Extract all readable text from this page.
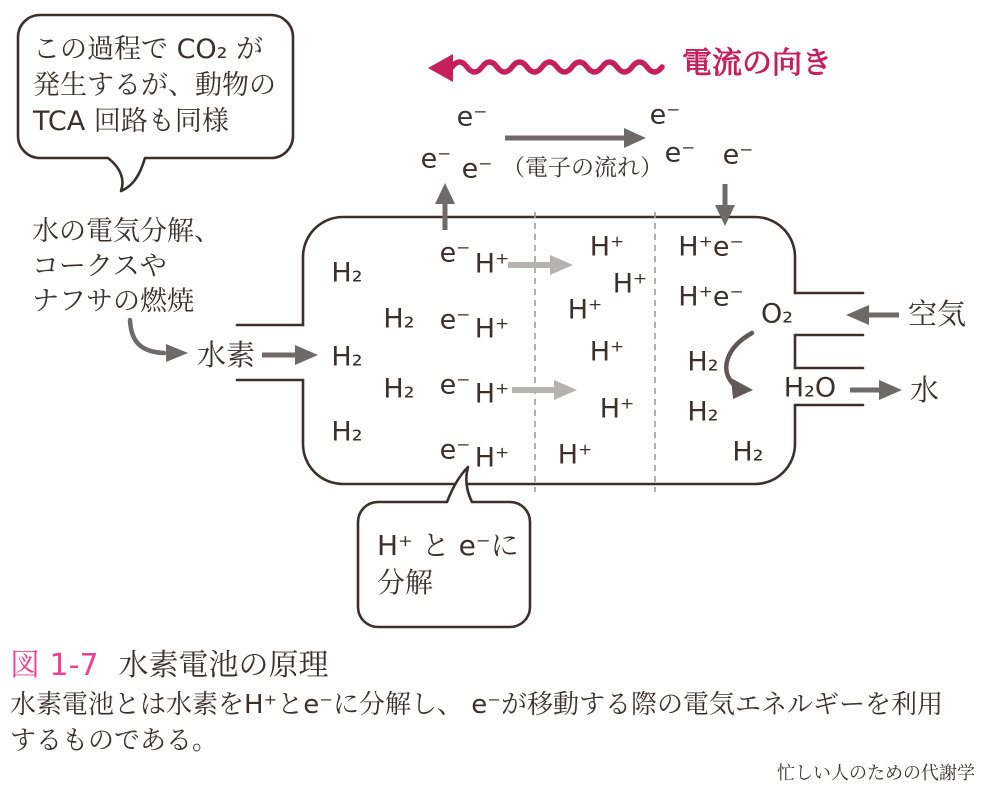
この過程で CO₂ が
発生するが、動物の
TCA 回路も同様
水の電気分解、
コークスや
ナフサの燃焼
水素
空気
水
電流の向き
（電子の流れ）
H⁺ と e⁻に
分解
e⁻	e⁻
e⁻ e⁻
e⁻ e⁻
H₂
H₂
H₂
H₂
H₂
e⁻
e⁻
e⁻
e⁻
H⁺
H⁺
H⁺
H⁺
H⁺
H⁺
H⁺
H⁺
H⁺
H⁺
H⁺e⁻
H⁺e⁻
O₂
H₂
H₂
H₂
H₂O
図 1-7 水素電池の原理
水素電池とは水素をH⁺とe⁻に分解し、 e⁻が移動する際の電気エネルギーを利用
するものである。
忙しい人のための代謝学
